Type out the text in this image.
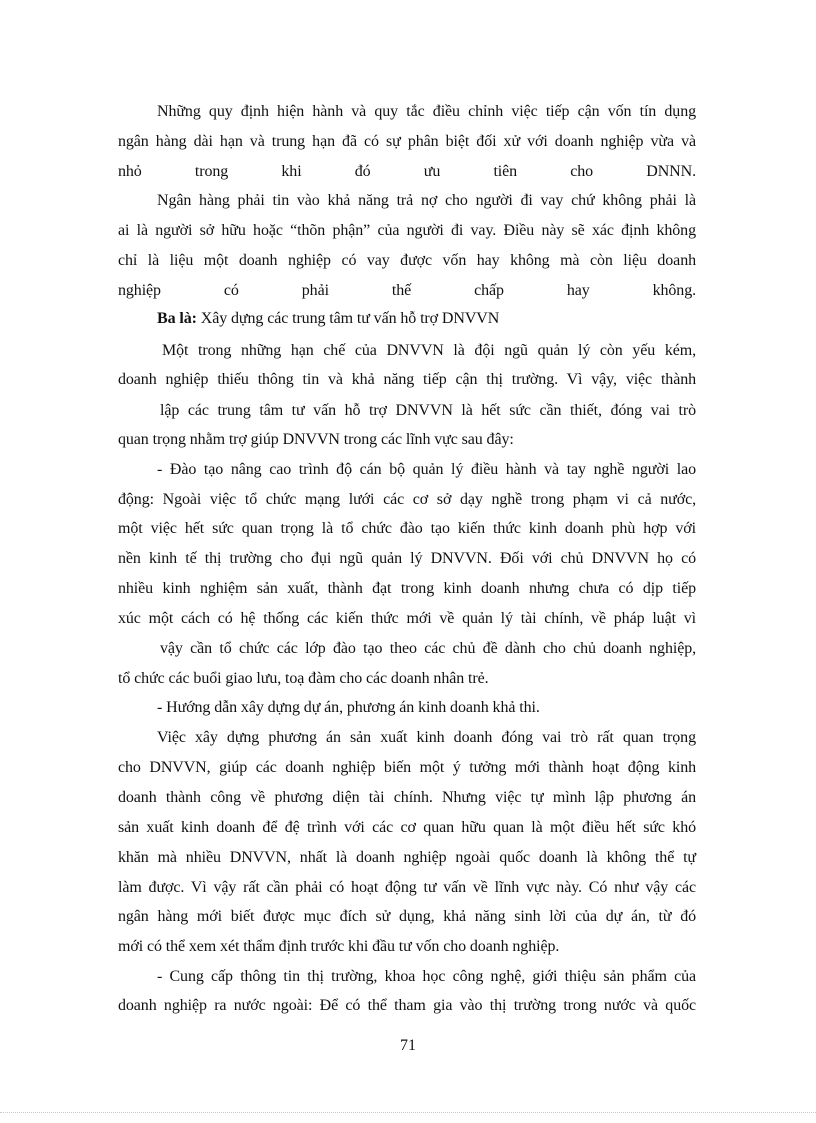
Những quy định hiện hành và quy tắc điều chỉnh việc tiếp cận vốn tín dụng

ngân hàng dài hạn và trung hạn đã có sự phân biệt đối xử với doanh nghiệp vừa và

nhỏ trong khi đó ưu tiên cho DNNN.

Ngân hàng phải tin vào khả năng trả nợ cho người đi vay chứ không phải là

ai là người sở hữu hoặc “thõn phận” của người đi vay. Điều này sẽ xác định không

chỉ là liệu một doanh nghiệp có vay được vốn hay không mà còn liệu doanh

nghiệp có phải thế chấp hay không.

Ba là: Xây dựng các trung tâm tư vấn hỗ trợ DNVVN

Một trong những hạn chế của DNVVN là đội ngũ quản lý còn yếu kém,

doanh nghiệp thiếu thông tin và khả năng tiếp cận thị trường. Vì vậy, việc thành

lập các trung tâm tư vấn hỗ trợ DNVVN là hết sức cần thiết, đóng vai trò

quan trọng nhằm trợ giúp DNVVN trong các lĩnh vực sau đây:

- Đào tạo nâng cao trình độ cán bộ quản lý điều hành và tay nghề người lao

động: Ngoài việc tổ chức mạng lưới các cơ sở dạy nghề trong phạm vi cả nước,

một việc hết sức quan trọng là tổ chức đào tạo kiến thức kinh doanh phù hợp với

nền kinh tế thị trường cho đụi ngũ quản lý DNVVN. Đối với chủ DNVVN họ có

nhiều kinh nghiệm sản xuất, thành đạt trong kinh doanh nhưng chưa có dịp tiếp

xúc một cách có hệ thống các kiến thức mới về quản lý tài chính, về pháp luật vì

vậy cần tổ chức các lớp đào tạo theo các chủ đề dành cho chủ doanh nghiệp,

tổ chức các buổi giao lưu, toạ đàm cho các doanh nhân trẻ.

- Hướng dẫn xây dựng dự án, phương án kinh doanh khả thi.

Việc xây dựng phương án sản xuất kinh doanh đóng vai trò rất quan trọng

cho DNVVN, giúp các doanh nghiệp biến một ý tưởng mới thành hoạt động kinh

doanh thành công về phương diện tài chính. Nhưng việc tự mình lập phương án

sản xuất kinh doanh để đệ trình với các cơ quan hữu quan là một điều hết sức khó

khăn mà nhiều DNVVN, nhất là doanh nghiệp ngoài quốc doanh là không thể tự

làm được. Vì vậy rất cần phải có hoạt động tư vấn về lĩnh vực này. Có như vậy các

ngân hàng mới biết được mục đích sử dụng, khả năng sinh lời của dự án, từ đó

mới có thể xem xét thẩm định trước khi đầu tư vốn cho doanh nghiệp.

- Cung cấp thông tin thị trường, khoa học công nghệ, giới thiệu sản phẩm của

doanh nghiệp ra nước ngoài: Để có thể tham gia vào thị trường trong nước và quốc

71
